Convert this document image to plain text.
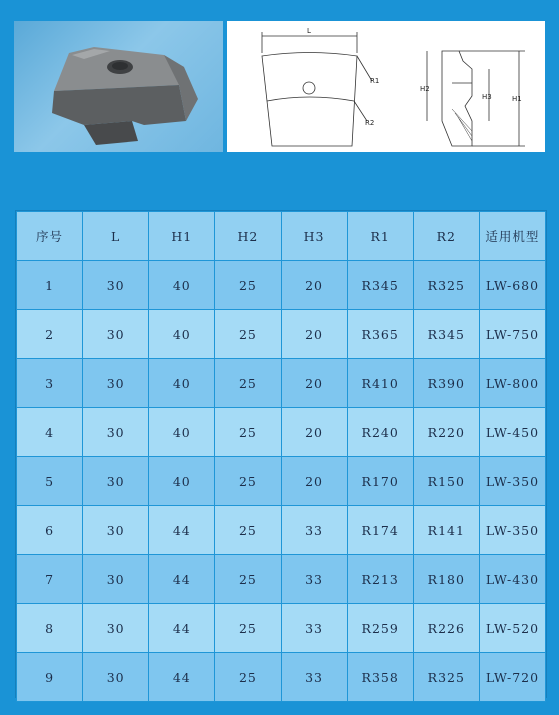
L
R1
R2
H2
H3	H1
序号	L	H1	H2	H3	R1	R2	适用机型
1	30	40	25	20	R345	R325	LW-680
2	30	40	25	20	R365	R345	LW-750
3	30	40	25	20	R410	R390	LW-800
4	30	40	25	20	R240	R220	LW-450
5	30	40	25	20	R170	R150	LW-350
6	30	44	25	33	R174	R141	LW-350
7	30	44	25	33	R213	R180	LW-430
8	30	44	25	33	R259	R226	LW-520
9	30	44	25	33	R358	R325	LW-720
